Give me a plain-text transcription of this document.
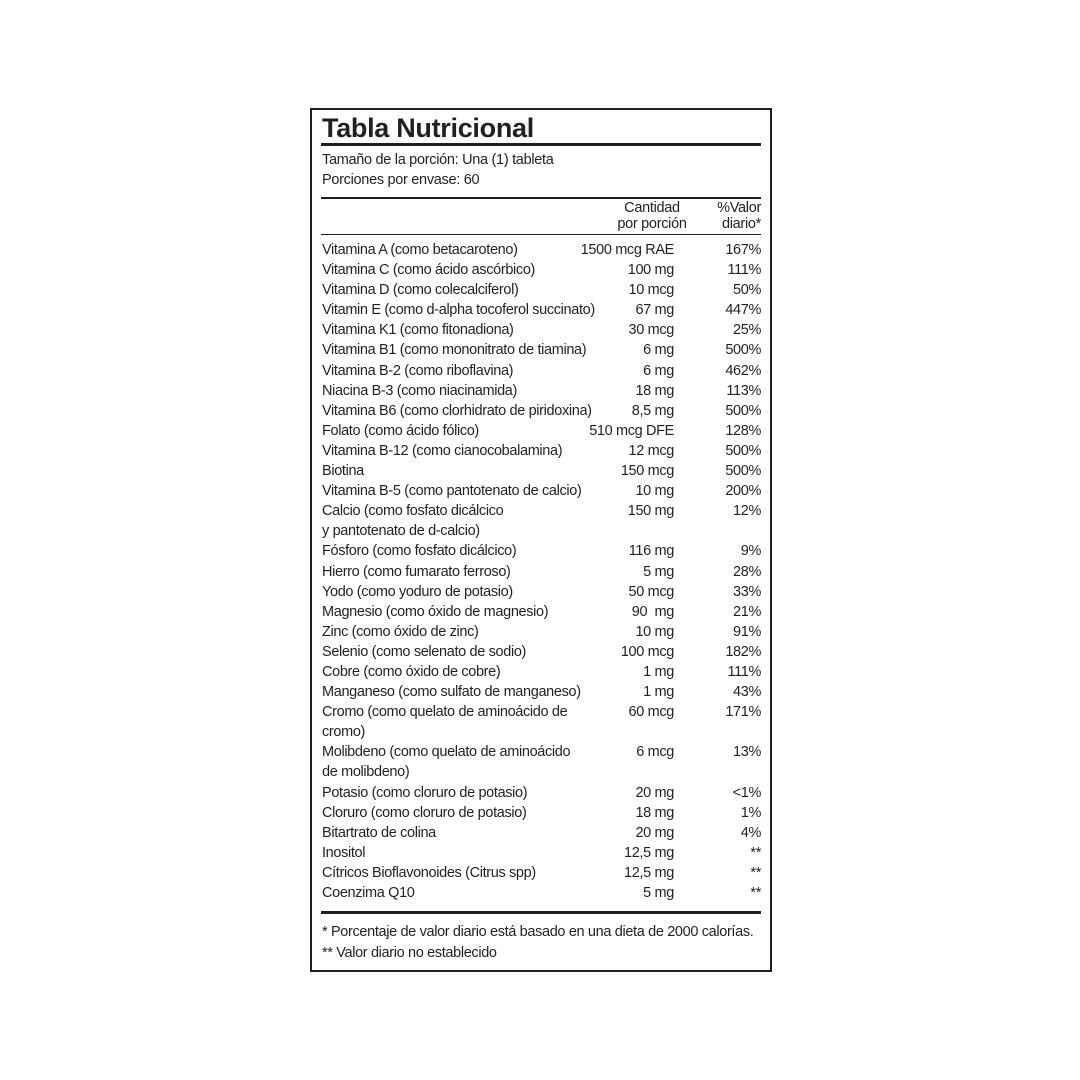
Tabla Nutricional
Tamaño de la porción: Una (1) tableta
Porciones por envase: 60
Cantidad
por porción
%Valor
diario*
Vitamina A (como betacaroteno)	1500 mcg RAE	167%
Vitamina C (como ácido ascórbico)	100 mg	111%
Vitamina D (como colecalciferol)	10 mcg	50%
Vitamin E (como d-alpha tocoferol succinato)	67 mg	447%
Vitamina K1 (como fitonadiona)	30 mcg	25%
Vitamina B1 (como mononitrato de tiamina)	6 mg	500%
Vitamina B-2 (como riboflavina)	6 mg	462%
Niacina B-3 (como niacinamida)	18 mg	113%
Vitamina B6 (como clorhidrato de piridoxina)	8,5 mg	500%
Folato (como ácido fólico)	510 mcg DFE	128%
Vitamina B-12 (como cianocobalamina)	12 mcg	500%
Biotina	150 mcg	500%
Vitamina B-5 (como pantotenato de calcio)	10 mg	200%
Calcio (como fosfato dicálcico
y pantotenato de d-calcio)
150 mg	12%
Fósforo (como fosfato dicálcico)	116 mg	9%
Hierro (como fumarato ferroso)	5 mg	28%
Yodo (como yoduro de potasio)	50 mcg	33%
Magnesio (como óxido de magnesio)	90  mg	21%
Zinc (como óxido de zinc)	10 mg	91%
Selenio (como selenato de sodio)	100 mcg	182%
Cobre (como óxido de cobre)	1 mg	111%
Manganeso (como sulfato de manganeso)	1 mg	43%
Cromo (como quelato de aminoácido de
cromo)
60 mcg	171%
Molibdeno (como quelato de aminoácido
de molibdeno)
6 mcg	13%
Potasio (como cloruro de potasio)	20 mg	<1%
Cloruro (como cloruro de potasio)	18 mg	1%
Bitartrato de colina	20 mg	4%
Inositol	12,5 mg	**
Cítricos Bioflavonoides (Citrus spp)	12,5 mg	**
Coenzima Q10	5 mg	**
* Porcentaje de valor diario está basado en una dieta de 2000 calorías.
** Valor diario no establecido
